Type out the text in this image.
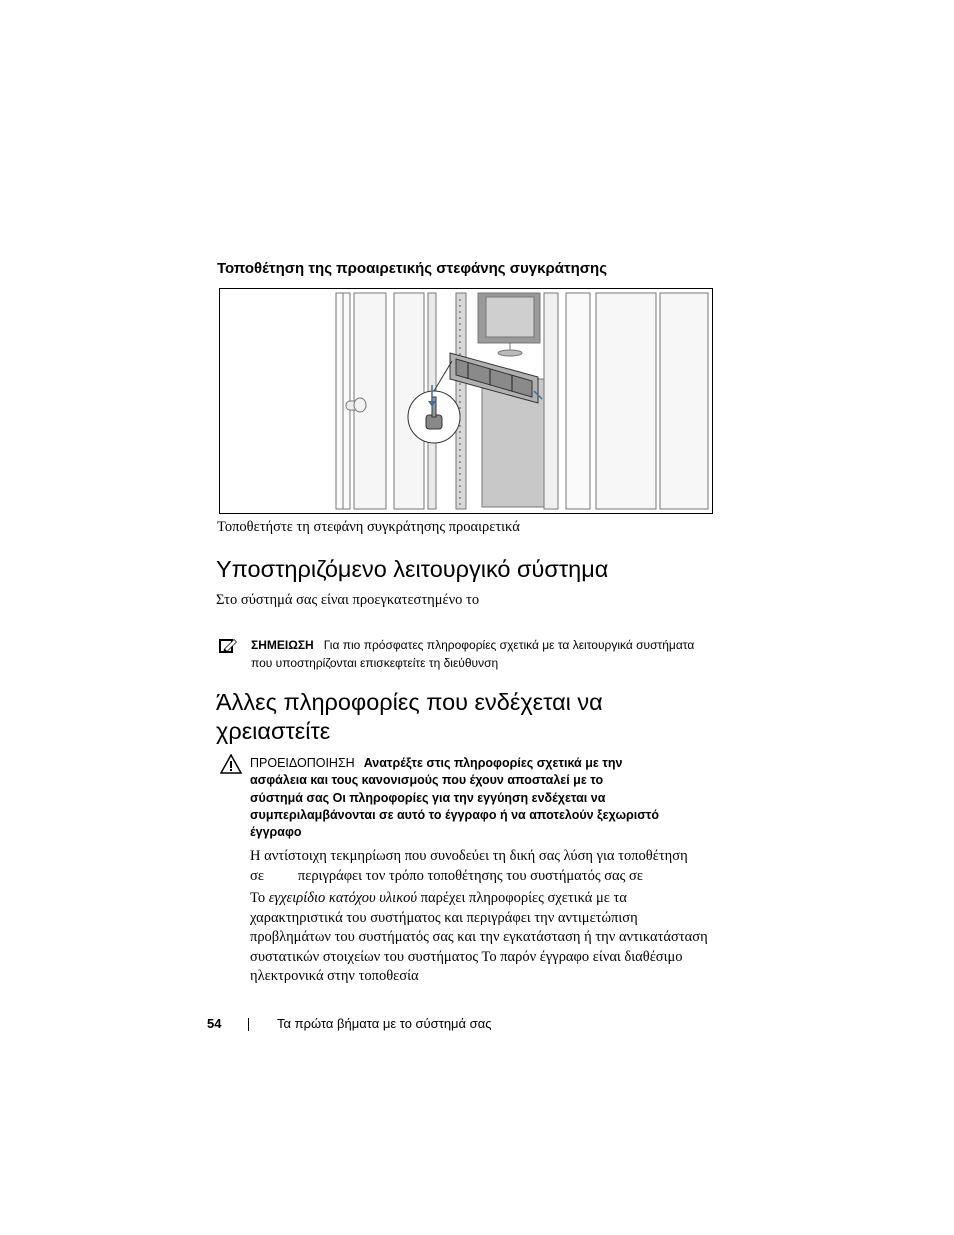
Τοποθέτηση της προαιρετικής στεφάνης συγκράτησης
Τοποθετήστε τη στεφάνη συγκράτησης προαιρετικά
Υποστηριζόμενο λειτουργικό σύστημα
Στο σύστημά σας είναι προεγκατεστημένο το
ΣΗΜΕΙΩΣΗ Για πιο πρόσφατες πληροφορίες σχετικά με τα λειτουργικά συστήματα
που υποστηρίζονται επισκεφτείτε τη διεύθυνση
Άλλες πληροφορίες που ενδέχεται να
χρειαστείτε
ΠΡΟΕΙΔΟΠΟΙΗΣΗ Ανατρέξτε στις πληροφορίες σχετικά με την
ασφάλεια και τους κανονισμούς που έχουν αποσταλεί με το
σύστημά σας Οι πληροφορίες για την εγγύηση ενδέχεται να
συμπεριλαμβάνονται σε αυτό το έγγραφο ή να αποτελούν ξεχωριστό
έγγραφο
Η αντίστοιχη τεκμηρίωση που συνοδεύει τη δική σας λύση για τοποθέτηση
σε περιγράφει τον τρόπο τοποθέτησης του συστήματός σας σε
Το εγχειρίδιο κατόχου υλικού παρέχει πληροφορίες σχετικά με τα
χαρακτηριστικά του συστήματος και περιγράφει την αντιμετώπιση
προβλημάτων του συστήματός σας και την εγκατάσταση ή την αντικατάσταση
συστατικών στοιχείων του συστήματος Το παρόν έγγραφο είναι διαθέσιμο
ηλεκτρονικά στην τοποθεσία
54	Τα πρώτα βήματα με το σύστημά σας
